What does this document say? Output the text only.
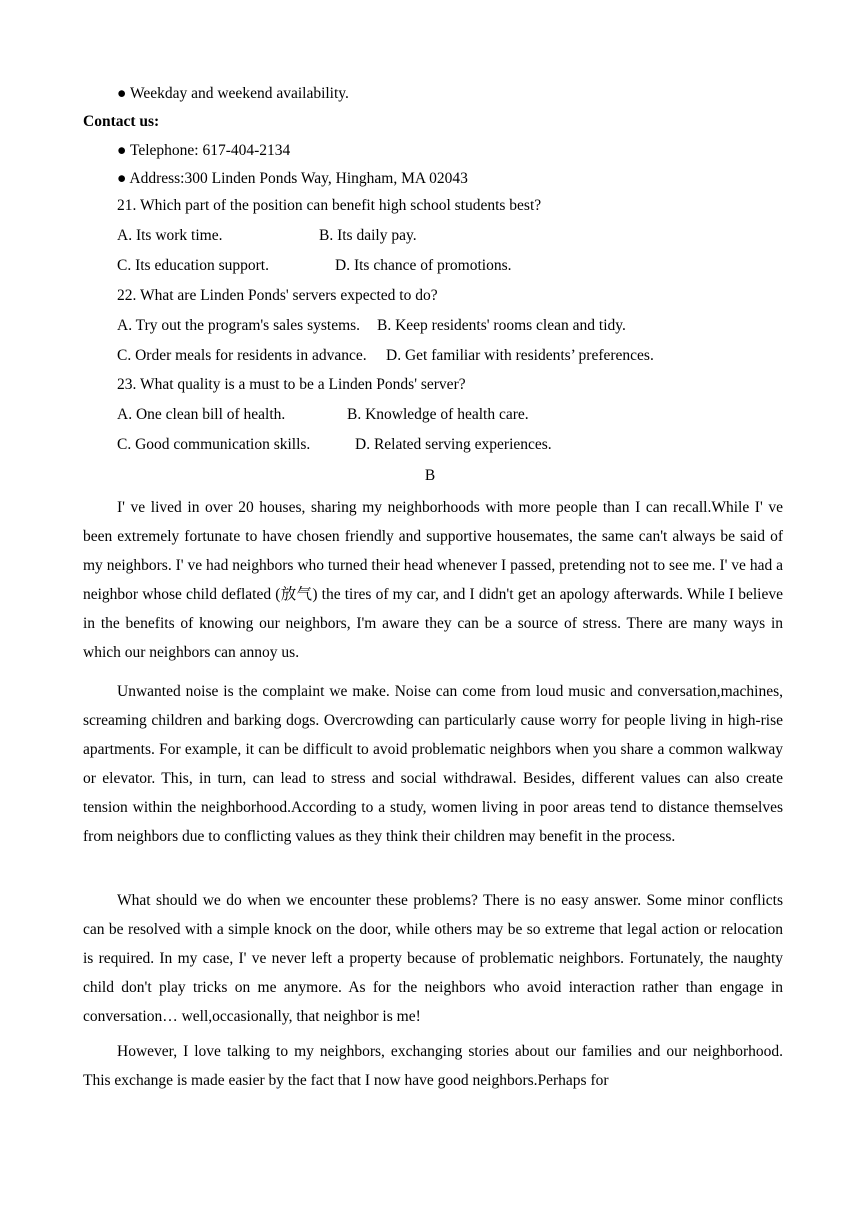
● Weekday and weekend availability.
Contact us:
● Telephone: 617-404-2134
● Address:300 Linden Ponds Way, Hingham, MA 02043
21. Which part of the position can benefit high school students best?
A. Its work time.	B. Its daily pay.
C. Its education support.	D. Its chance of promotions.
22. What are Linden Ponds' servers expected to do?
A. Try out the program's sales systems. B. Keep residents' rooms clean and tidy.
C. Order meals for residents in advance. D. Get familiar with residents’ preferences.
23. What quality is a must to be a Linden Ponds' server?
A. One clean bill of health.	B. Knowledge of health care.
C. Good communication skills.	D. Related serving experiences.
B

I' ve lived in over 20 houses, sharing my neighborhoods with more people than I can recall.While I' ve been extremely fortunate to have chosen friendly and supportive housemates, the same can't always be said of my neighbors. I' ve had neighbors who turned their head whenever I passed, pretending not to see me. I' ve had a neighbor whose child deflated (放气) the tires of my car, and I didn't get an apology afterwards. While I believe in the benefits of knowing our neighbors, I'm aware they can be a source of stress. There are many ways in which our neighbors can annoy us.

Unwanted noise is the complaint we make. Noise can come from loud music and conversation,machines, screaming children and barking dogs. Overcrowding can particularly cause worry for people living in high-rise apartments. For example, it can be difficult to avoid problematic neighbors when you share a common walkway or elevator. This, in turn, can lead to stress and social withdrawal. Besides, different values can also create tension within the neighborhood.According to a study, women living in poor areas tend to distance themselves from neighbors due to conflicting values as they think their children may benefit in the process.

What should we do when we encounter these problems? There is no easy answer. Some minor conflicts can be resolved with a simple knock on the door, while others may be so extreme that legal action or relocation is required. In my case, I' ve never left a property because of problematic neighbors. Fortunately, the naughty child don't play tricks on me anymore. As for the neighbors who avoid interaction rather than engage in conversation… well,occasionally, that neighbor is me!

However, I love talking to my neighbors, exchanging stories about our families and our neighborhood. This exchange is made easier by the fact that I now have good neighbors.Perhaps for
